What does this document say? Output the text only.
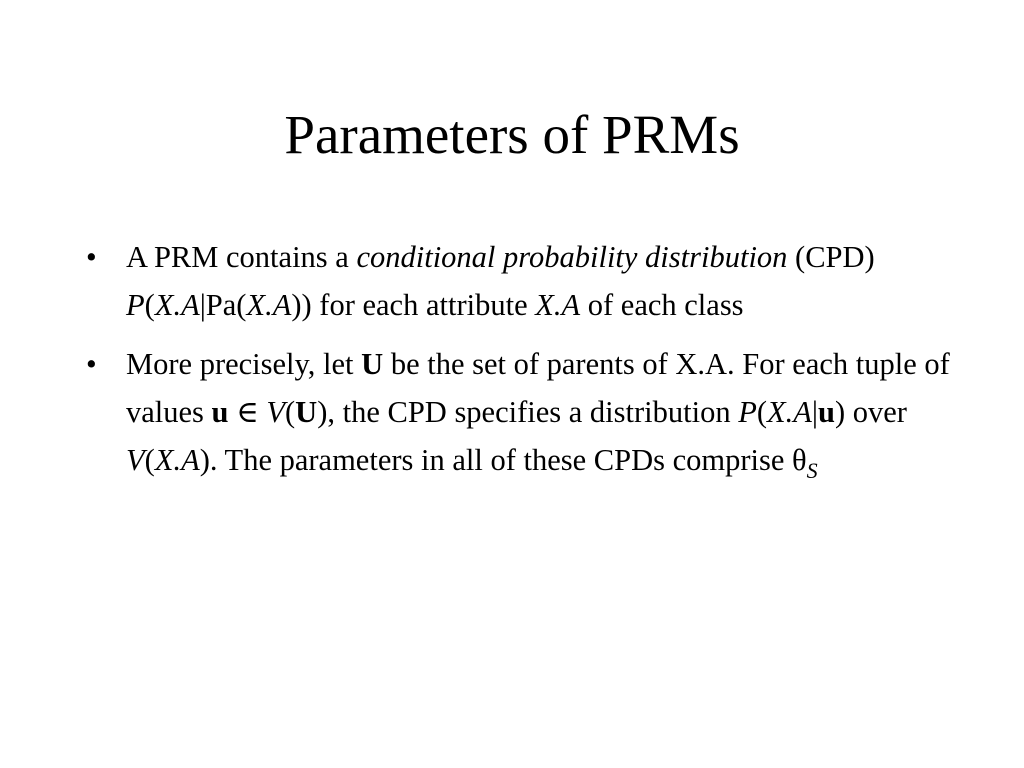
Parameters of PRMs
• A PRM contains a conditional probability distribution (CPD) P(X.A|Pa(X.A)) for each attribute X.A of each class
• More precisely, let U be the set of parents of X.A. For each tuple of values u ∈ V(U), the CPD specifies a distribution P(X.A|u) over V(X.A). The parameters in all of these CPDs comprise $\theta_S$
